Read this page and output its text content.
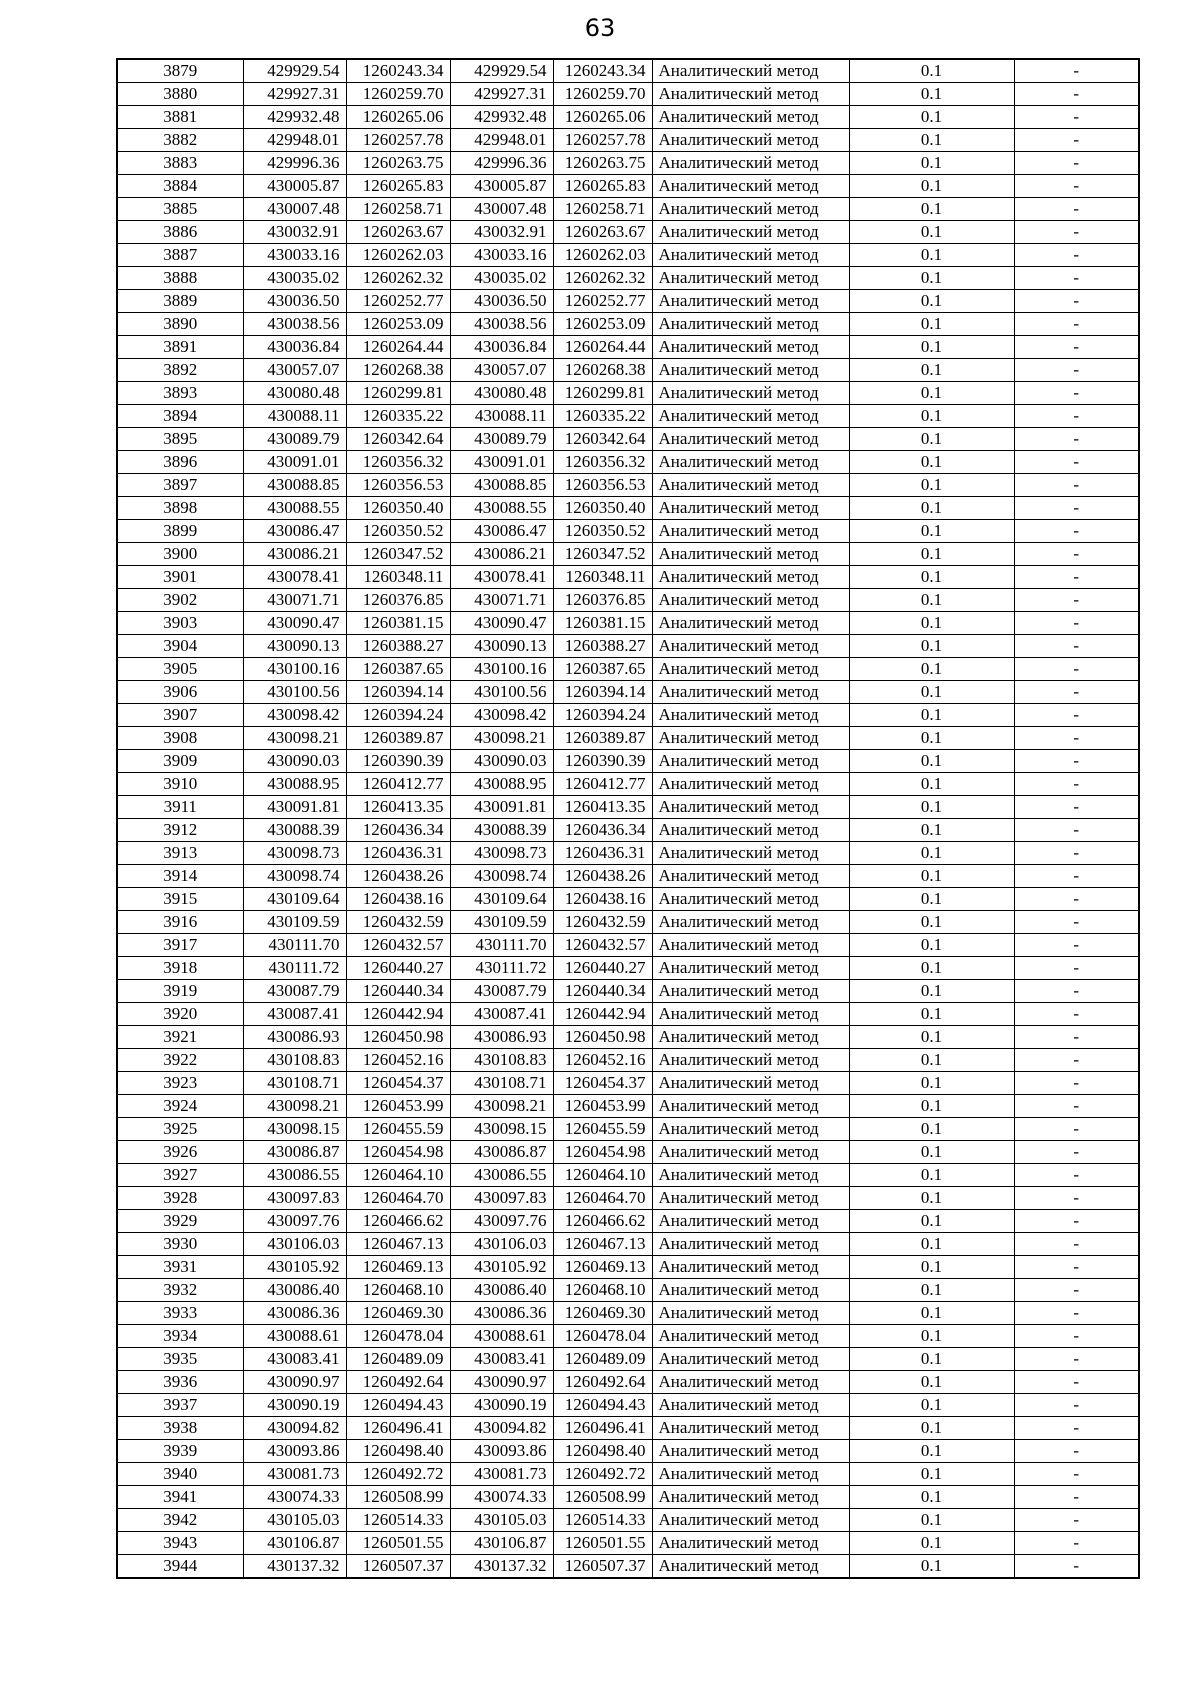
63
3879	429929.54	1260243.34	429929.54	1260243.34	Аналитический метод	0.1	-
3880	429927.31	1260259.70	429927.31	1260259.70	Аналитический метод	0.1	-
3881	429932.48	1260265.06	429932.48	1260265.06	Аналитический метод	0.1	-
3882	429948.01	1260257.78	429948.01	1260257.78	Аналитический метод	0.1	-
3883	429996.36	1260263.75	429996.36	1260263.75	Аналитический метод	0.1	-
3884	430005.87	1260265.83	430005.87	1260265.83	Аналитический метод	0.1	-
3885	430007.48	1260258.71	430007.48	1260258.71	Аналитический метод	0.1	-
3886	430032.91	1260263.67	430032.91	1260263.67	Аналитический метод	0.1	-
3887	430033.16	1260262.03	430033.16	1260262.03	Аналитический метод	0.1	-
3888	430035.02	1260262.32	430035.02	1260262.32	Аналитический метод	0.1	-
3889	430036.50	1260252.77	430036.50	1260252.77	Аналитический метод	0.1	-
3890	430038.56	1260253.09	430038.56	1260253.09	Аналитический метод	0.1	-
3891	430036.84	1260264.44	430036.84	1260264.44	Аналитический метод	0.1	-
3892	430057.07	1260268.38	430057.07	1260268.38	Аналитический метод	0.1	-
3893	430080.48	1260299.81	430080.48	1260299.81	Аналитический метод	0.1	-
3894	430088.11	1260335.22	430088.11	1260335.22	Аналитический метод	0.1	-
3895	430089.79	1260342.64	430089.79	1260342.64	Аналитический метод	0.1	-
3896	430091.01	1260356.32	430091.01	1260356.32	Аналитический метод	0.1	-
3897	430088.85	1260356.53	430088.85	1260356.53	Аналитический метод	0.1	-
3898	430088.55	1260350.40	430088.55	1260350.40	Аналитический метод	0.1	-
3899	430086.47	1260350.52	430086.47	1260350.52	Аналитический метод	0.1	-
3900	430086.21	1260347.52	430086.21	1260347.52	Аналитический метод	0.1	-
3901	430078.41	1260348.11	430078.41	1260348.11	Аналитический метод	0.1	-
3902	430071.71	1260376.85	430071.71	1260376.85	Аналитический метод	0.1	-
3903	430090.47	1260381.15	430090.47	1260381.15	Аналитический метод	0.1	-
3904	430090.13	1260388.27	430090.13	1260388.27	Аналитический метод	0.1	-
3905	430100.16	1260387.65	430100.16	1260387.65	Аналитический метод	0.1	-
3906	430100.56	1260394.14	430100.56	1260394.14	Аналитический метод	0.1	-
3907	430098.42	1260394.24	430098.42	1260394.24	Аналитический метод	0.1	-
3908	430098.21	1260389.87	430098.21	1260389.87	Аналитический метод	0.1	-
3909	430090.03	1260390.39	430090.03	1260390.39	Аналитический метод	0.1	-
3910	430088.95	1260412.77	430088.95	1260412.77	Аналитический метод	0.1	-
3911	430091.81	1260413.35	430091.81	1260413.35	Аналитический метод	0.1	-
3912	430088.39	1260436.34	430088.39	1260436.34	Аналитический метод	0.1	-
3913	430098.73	1260436.31	430098.73	1260436.31	Аналитический метод	0.1	-
3914	430098.74	1260438.26	430098.74	1260438.26	Аналитический метод	0.1	-
3915	430109.64	1260438.16	430109.64	1260438.16	Аналитический метод	0.1	-
3916	430109.59	1260432.59	430109.59	1260432.59	Аналитический метод	0.1	-
3917	430111.70	1260432.57	430111.70	1260432.57	Аналитический метод	0.1	-
3918	430111.72	1260440.27	430111.72	1260440.27	Аналитический метод	0.1	-
3919	430087.79	1260440.34	430087.79	1260440.34	Аналитический метод	0.1	-
3920	430087.41	1260442.94	430087.41	1260442.94	Аналитический метод	0.1	-
3921	430086.93	1260450.98	430086.93	1260450.98	Аналитический метод	0.1	-
3922	430108.83	1260452.16	430108.83	1260452.16	Аналитический метод	0.1	-
3923	430108.71	1260454.37	430108.71	1260454.37	Аналитический метод	0.1	-
3924	430098.21	1260453.99	430098.21	1260453.99	Аналитический метод	0.1	-
3925	430098.15	1260455.59	430098.15	1260455.59	Аналитический метод	0.1	-
3926	430086.87	1260454.98	430086.87	1260454.98	Аналитический метод	0.1	-
3927	430086.55	1260464.10	430086.55	1260464.10	Аналитический метод	0.1	-
3928	430097.83	1260464.70	430097.83	1260464.70	Аналитический метод	0.1	-
3929	430097.76	1260466.62	430097.76	1260466.62	Аналитический метод	0.1	-
3930	430106.03	1260467.13	430106.03	1260467.13	Аналитический метод	0.1	-
3931	430105.92	1260469.13	430105.92	1260469.13	Аналитический метод	0.1	-
3932	430086.40	1260468.10	430086.40	1260468.10	Аналитический метод	0.1	-
3933	430086.36	1260469.30	430086.36	1260469.30	Аналитический метод	0.1	-
3934	430088.61	1260478.04	430088.61	1260478.04	Аналитический метод	0.1	-
3935	430083.41	1260489.09	430083.41	1260489.09	Аналитический метод	0.1	-
3936	430090.97	1260492.64	430090.97	1260492.64	Аналитический метод	0.1	-
3937	430090.19	1260494.43	430090.19	1260494.43	Аналитический метод	0.1	-
3938	430094.82	1260496.41	430094.82	1260496.41	Аналитический метод	0.1	-
3939	430093.86	1260498.40	430093.86	1260498.40	Аналитический метод	0.1	-
3940	430081.73	1260492.72	430081.73	1260492.72	Аналитический метод	0.1	-
3941	430074.33	1260508.99	430074.33	1260508.99	Аналитический метод	0.1	-
3942	430105.03	1260514.33	430105.03	1260514.33	Аналитический метод	0.1	-
3943	430106.87	1260501.55	430106.87	1260501.55	Аналитический метод	0.1	-
3944	430137.32	1260507.37	430137.32	1260507.37	Аналитический метод	0.1	-
